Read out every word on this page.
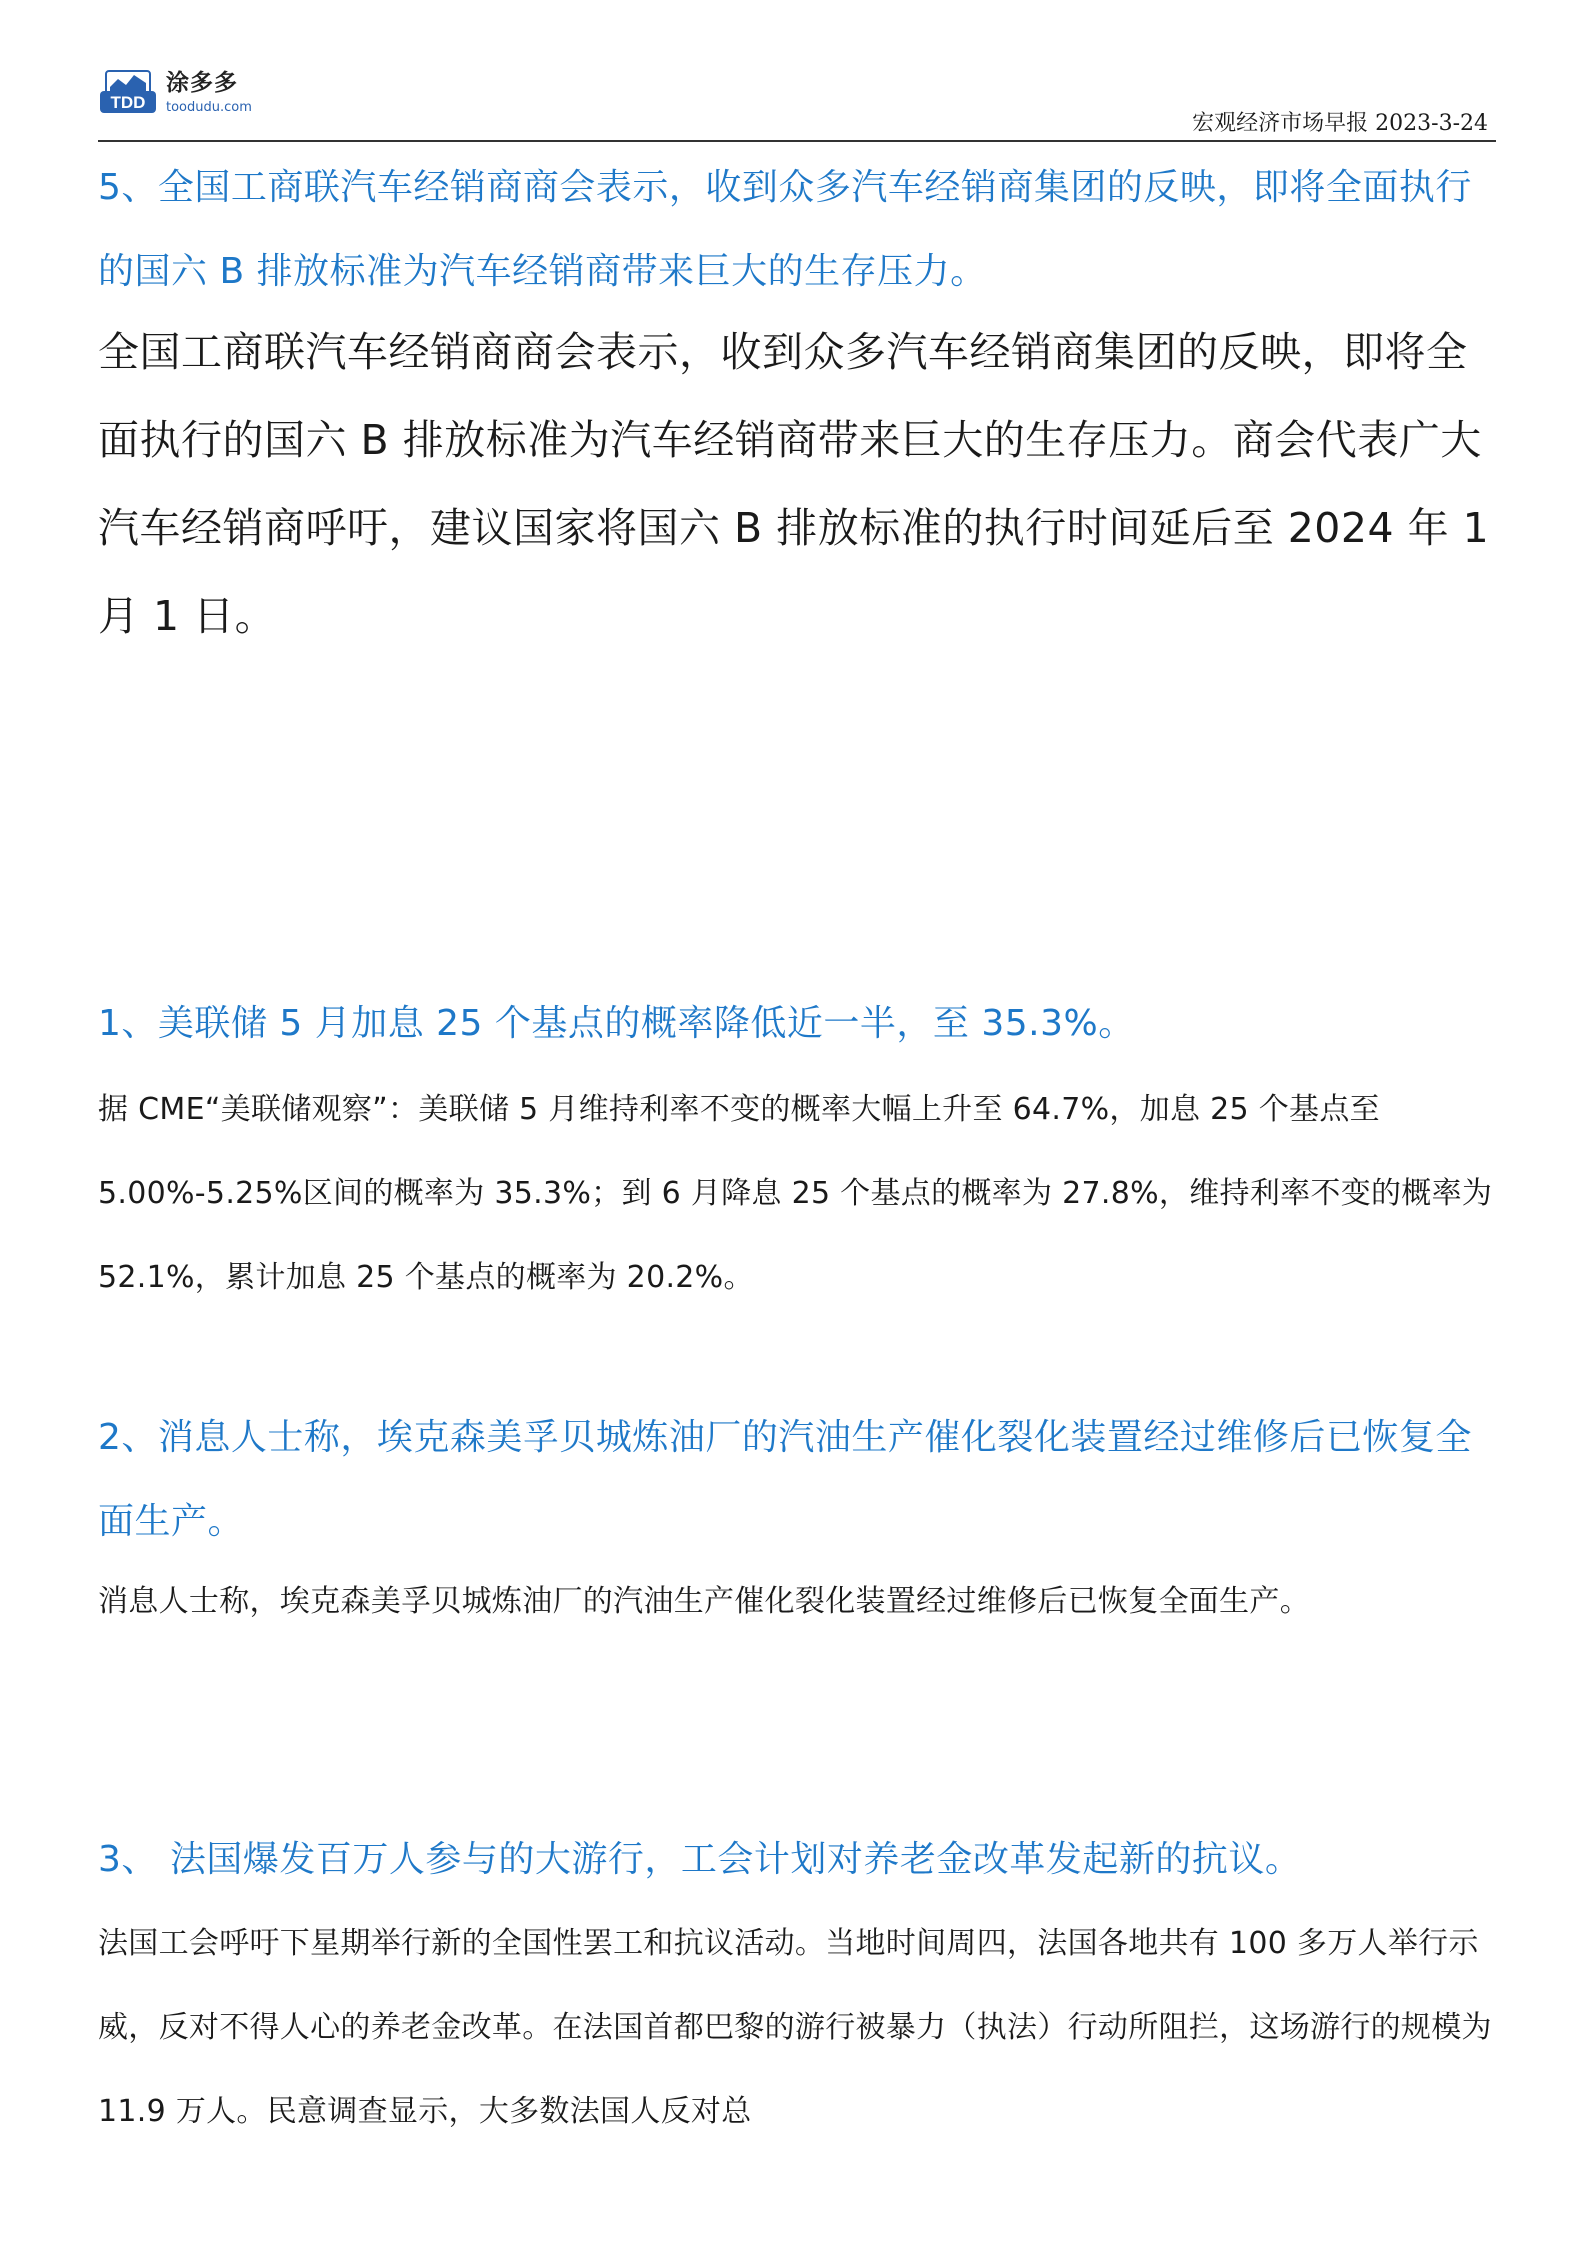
TDD
涂多多
toodudu.com
宏观经济市场早报 2023-3-24
5、全国工商联汽车经销商商会表示，收到众多汽车经销商集团的反映，即将全面执行的国六 B 排放标准为汽车经销商带来巨大的生存压力。

全国工商联汽车经销商商会表示，收到众多汽车经销商集团的反映，即将全面执行的国六 B 排放标准为汽车经销商带来巨大的生存压力。商会代表广大汽车经销商呼吁，建议国家将国六 B 排放标准的执行时间延后至 2024 年 1 月 1 日。

1、美联储 5 月加息 25 个基点的概率降低近一半，至 35.3%。

据 CME“美联储观察”：美联储 5 月维持利率不变的概率大幅上升至 64.7%，加息 25 个基点至 5.00%-5.25%区间的概率为 35.3%；到 6 月降息 25 个基点的概率为 27.8%，维持利率不变的概率为 52.1%，累计加息 25 个基点的概率为 20.2%。

2、消息人士称，埃克森美孚贝城炼油厂的汽油生产催化裂化装置经过维修后已恢复全面生产。

消息人士称，埃克森美孚贝城炼油厂的汽油生产催化裂化装置经过维修后已恢复全面生产。

3、 法国爆发百万人参与的大游行，工会计划对养老金改革发起新的抗议。

法国工会呼吁下星期举行新的全国性罢工和抗议活动。当地时间周四，法国各地共有 100 多万人举行示威，反对不得人心的养老金改革。在法国首都巴黎的游行被暴力（执法）行动所阻拦，这场游行的规模为 11.9 万人。民意调查显示，大多数法国人反对总
